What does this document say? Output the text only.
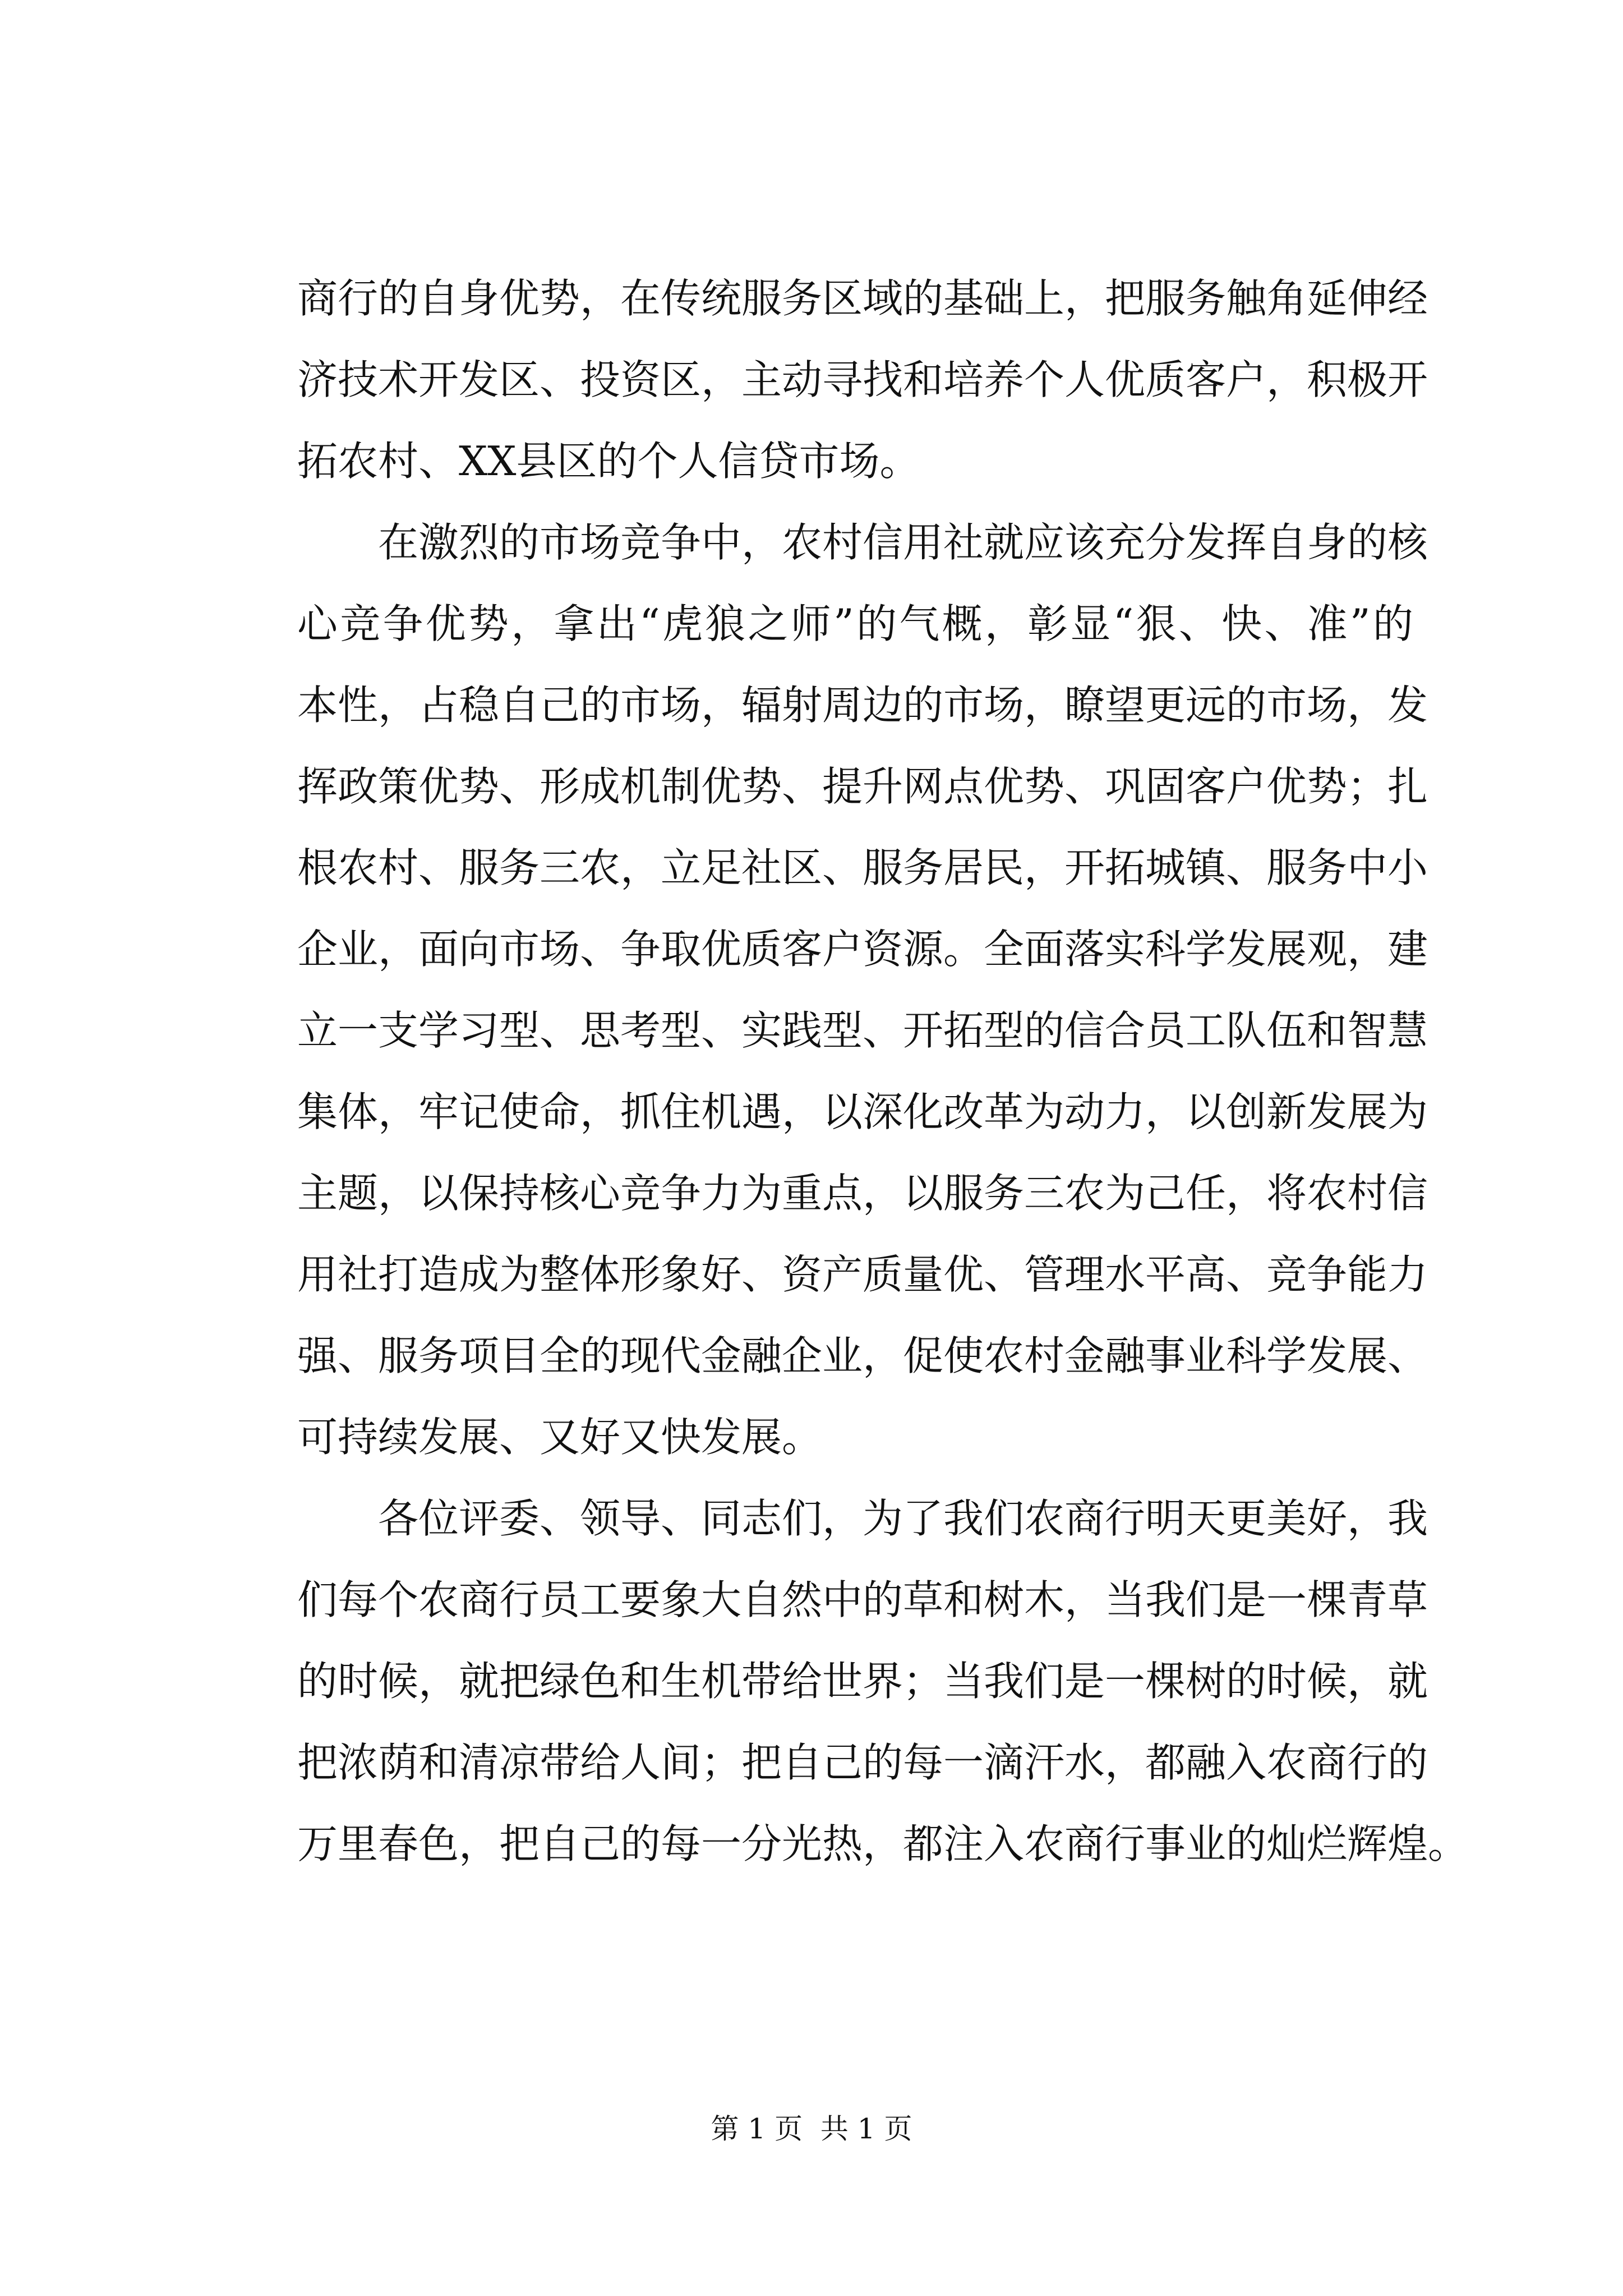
商行的自身优势，在传统服务区域的基础上，把服务触角延伸经
济技术开发区、投资区，主动寻找和培养个人优质客户，积极开
拓农村、XX县区的个人信贷市场。
在激烈的市场竞争中，农村信用社就应该充分发挥自身的核
心竞争优势，拿出“虎狼之师”的气概，彰显“狠、快、准”的
本性，占稳自己的市场，辐射周边的市场，瞭望更远的市场，发
挥政策优势、形成机制优势、提升网点优势、巩固客户优势；扎
根农村、服务三农，立足社区、服务居民，开拓城镇、服务中小
企业，面向市场、争取优质客户资源。全面落实科学发展观，建
立一支学习型、思考型、实践型、开拓型的信合员工队伍和智慧
集体，牢记使命，抓住机遇，以深化改革为动力，以创新发展为
主题，以保持核心竞争力为重点，以服务三农为己任，将农村信
用社打造成为整体形象好、资产质量优、管理水平高、竞争能力
强、服务项目全的现代金融企业，促使农村金融事业科学发展、
可持续发展、又好又快发展。
各位评委、领导、同志们，为了我们农商行明天更美好，我
们每个农商行员工要象大自然中的草和树木，当我们是一棵青草
的时候，就把绿色和生机带给世界；当我们是一棵树的时候，就
把浓荫和清凉带给人间；把自己的每一滴汗水，都融入农商行的
万里春色，把自己的每一分光热，都注入农商行事业的灿烂辉煌。
第 1 页  共 1 页
